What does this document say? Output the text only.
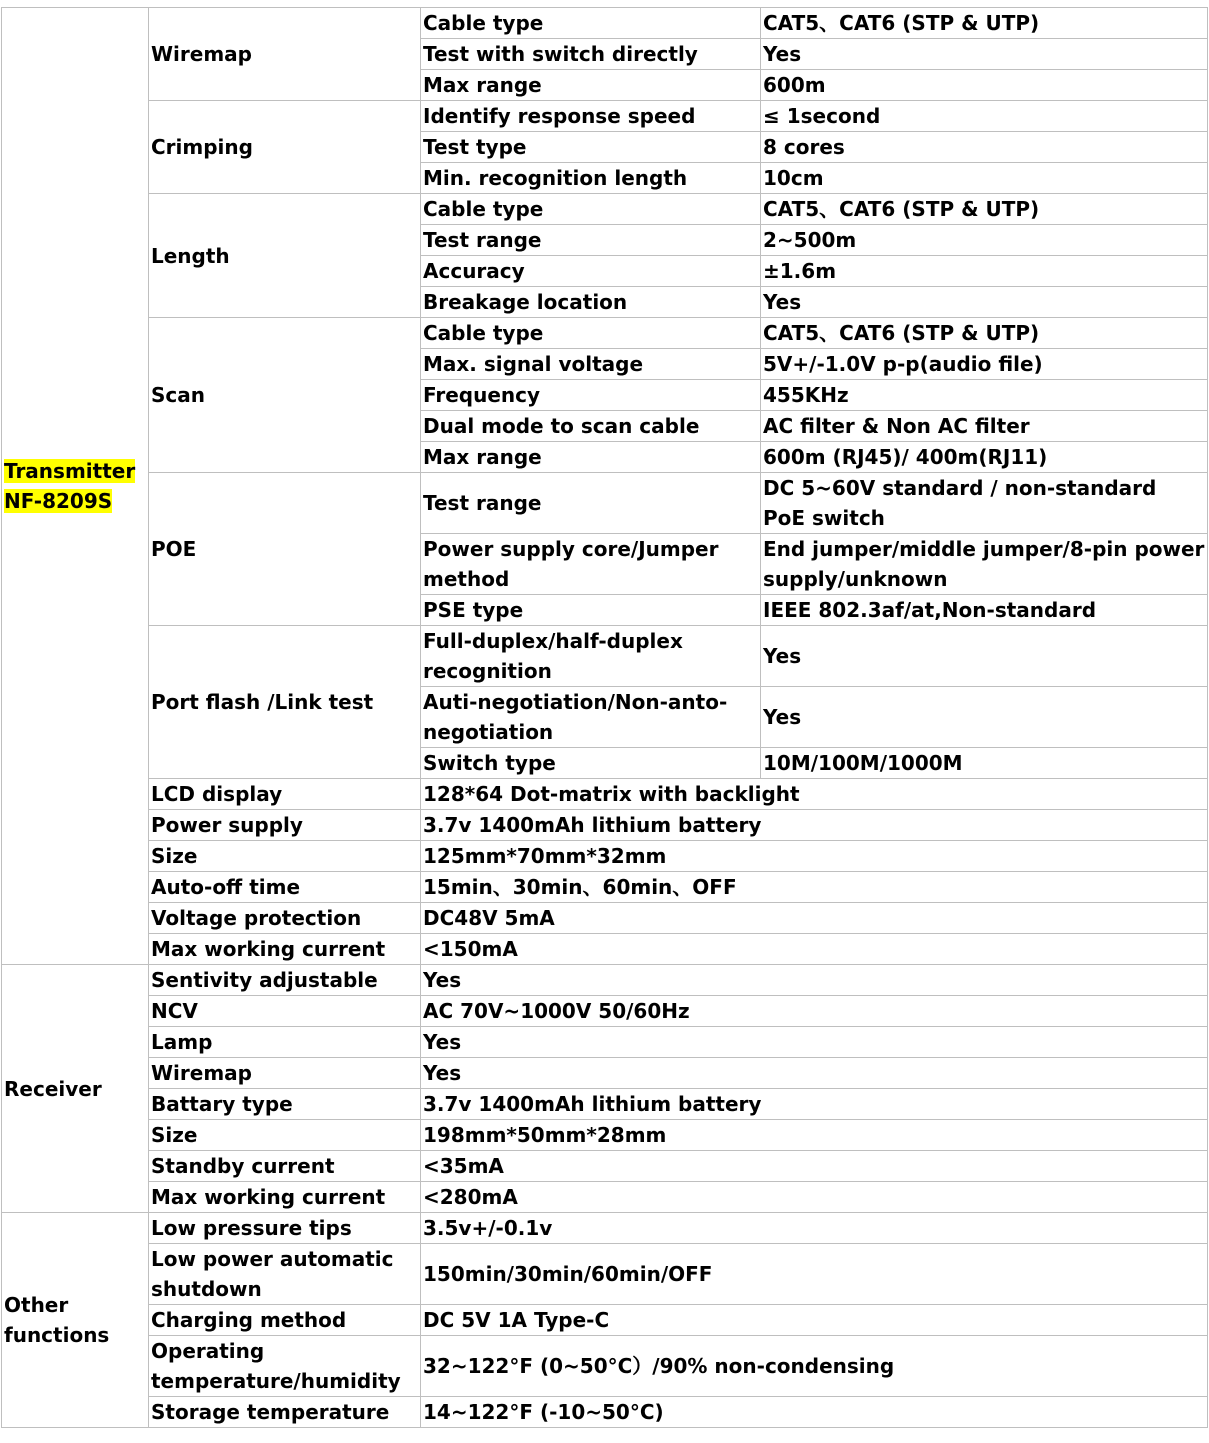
Transmitter
NF-8209S	Wiremap	Cable type	CAT5、CAT6 (STP & UTP)
		Test with switch directly	Yes
		Max range	600m
	Crimping	Identify response speed	≤ 1second
		Test type	8 cores
		Min. recognition length	10cm
	Length	Cable type	CAT5、CAT6 (STP & UTP)
		Test range	2~500m
		Accuracy	±1.6m
		Breakage location	Yes
	Scan	Cable type	CAT5、CAT6 (STP & UTP)
		Max. signal voltage	5V+/-1.0V p-p(audio file)
		Frequency	455KHz
		Dual mode to scan cable	AC filter & Non AC filter
		Max range	600m (RJ45)/ 400m(RJ11)
	POE	Test range	DC 5~60V standard / non-standard PoE switch
		Power supply core/Jumper method	End jumper/middle jumper/8-pin power supply/unknown
		PSE type	IEEE 802.3af/at,Non-standard
	Port flash /Link test	Full-duplex/half-duplex recognition	Yes
		Auti-negotiation/Non-anto-negotiation	Yes
		Switch type	10M/100M/1000M
	LCD display	128*64 Dot-matrix with backlight	
	Power supply	3.7v 1400mAh lithium battery	
	Size	125mm*70mm*32mm	
	Auto-off time	15min、30min、60min、OFF	
	Voltage protection	DC48V 5mA	
	Max working current	<150mA	

Receiver	Sentivity adjustable	Yes	
	NCV	AC 70V~1000V 50/60Hz	
	Lamp	Yes	
	Wiremap	Yes	
	Battary type	3.7v 1400mAh lithium battery	
	Size	198mm*50mm*28mm	
	Standby current	<35mA	
	Max working current	<280mA	

Other
functions	Low pressure tips	3.5v+/-0.1v	
	Low power automatic shutdown	150min/30min/60min/OFF	
	Charging method	DC 5V 1A Type-C	
	Operating temperature/humidity	32~122°F (0~50°C）/90% non-condensing	
	Storage temperature	14~122°F (-10~50°C)	
